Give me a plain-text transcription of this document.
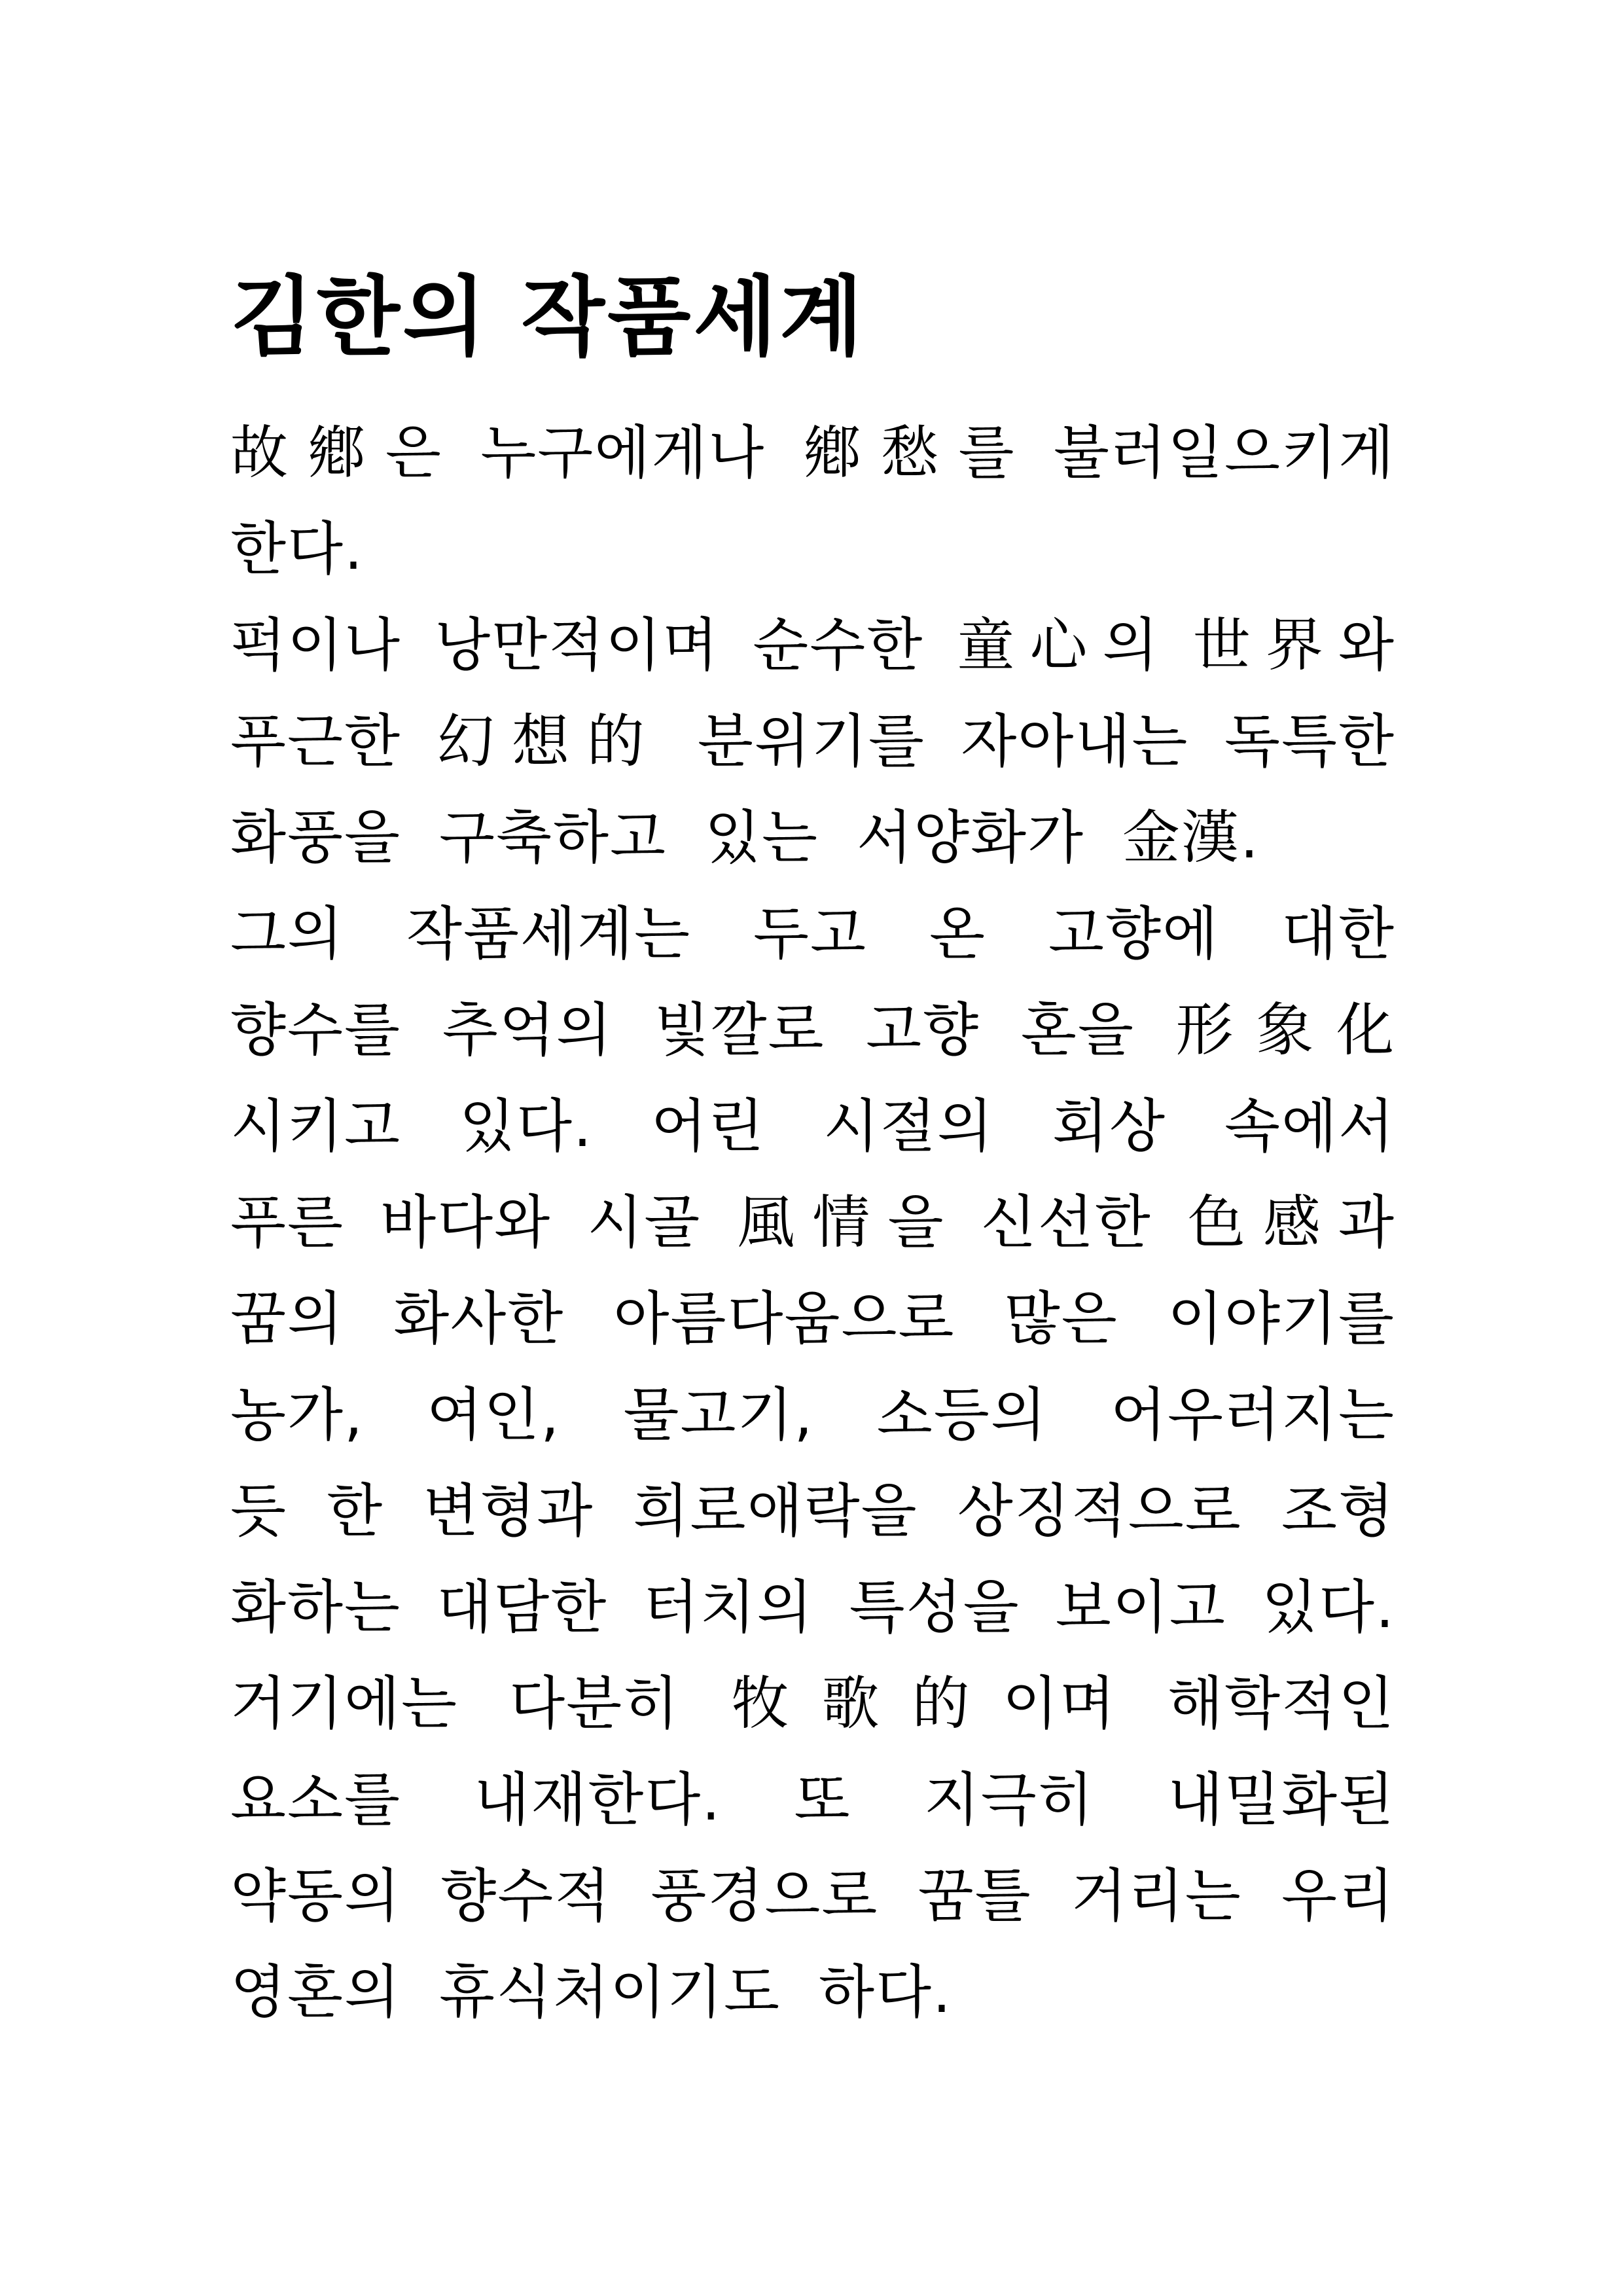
김한의 작품세계
故鄕은 누구에게나 鄕愁를 불러일으키게
한다.
퍽이나 낭만적이며 순수한 童心의 世界와
푸근한 幻想的 분위기를 자아내는 독특한
화풍을 구축하고 있는 서양화가 金漢.
그의 작품세계는 두고 온 고향에 대한
향수를 추억의 빛깔로 고향 혼을 形象化
시키고 있다. 어린 시절의 회상 속에서
푸른 바다와 시골 風情을 신선한 色感과
꿈의 화사한 아름다움으로 많은 이야기를
농가, 여인, 물고기, 소등의 어우러지는
듯 한 변형과 희로애락을 상징적으로 조형
화하는 대담한 터치의 특성을 보이고 있다.
거기에는 다분히 牧歌的이며 해학적인
요소를 내재한다. 또 지극히 내밀화된
약동의 향수적 풍경으로 꿈틀 거리는 우리
영혼의 휴식처이기도 하다.
